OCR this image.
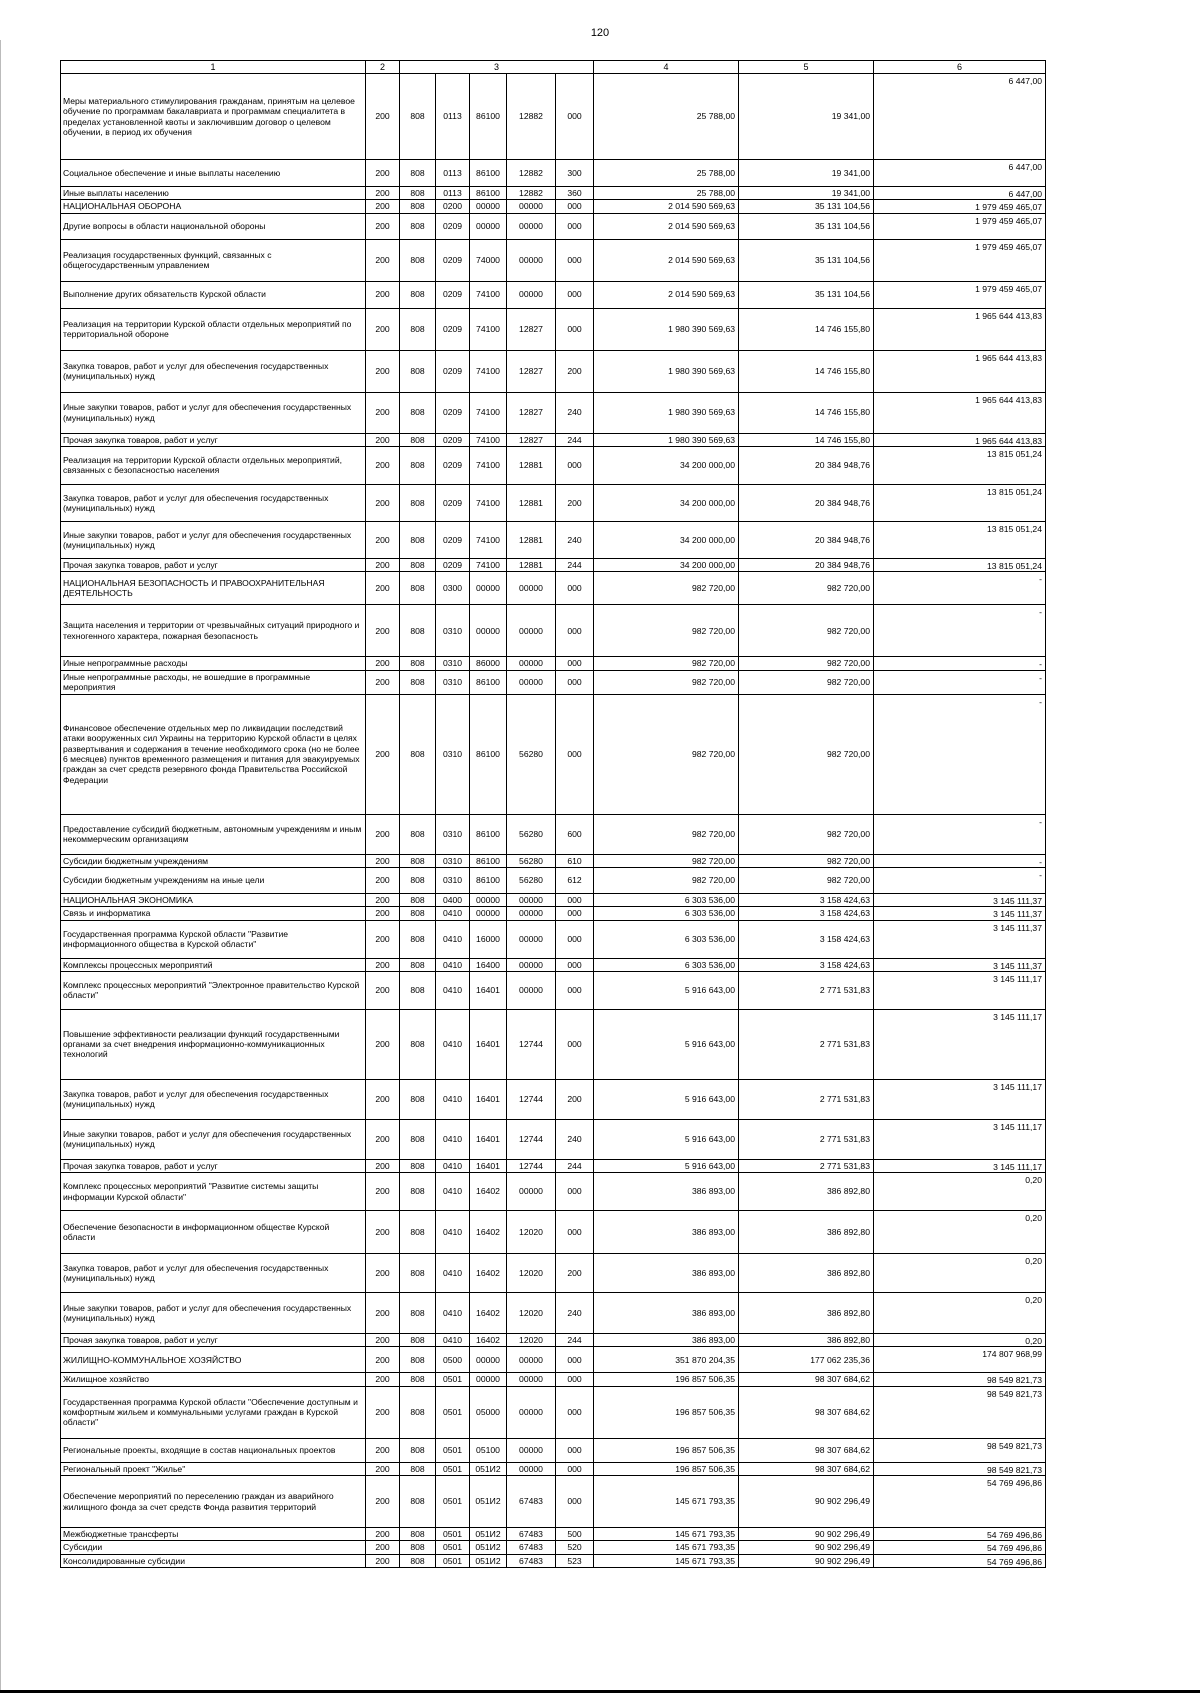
120
1	2	3					4	5	6
Меры материального стимулирования гражданам, принятым на целевое обучение по программам бакалавриата и программам специалитета в пределах установленной квоты и заключившим договор о целевом обучении, в период их обучения	200	808	0113	86100	12882	000	25 788,00	19 341,00	6 447,00
Социальное обеспечение и иные выплаты населению	200	808	0113	86100	12882	300	25 788,00	19 341,00	6 447,00
Иные выплаты населению	200	808	0113	86100	12882	360	25 788,00	19 341,00	6 447,00
НАЦИОНАЛЬНАЯ ОБОРОНА	200	808	0200	00000	00000	000	2 014 590 569,63	35 131 104,56	1 979 459 465,07
Другие вопросы в области национальной обороны	200	808	0209	00000	00000	000	2 014 590 569,63	35 131 104,56	1 979 459 465,07
Реализация государственных функций, связанных с общегосударственным управлением	200	808	0209	74000	00000	000	2 014 590 569,63	35 131 104,56	1 979 459 465,07
Выполнение других обязательств Курской области	200	808	0209	74100	00000	000	2 014 590 569,63	35 131 104,56	1 979 459 465,07
Реализация на территории Курской области отдельных мероприятий по территориальной обороне	200	808	0209	74100	12827	000	1 980 390 569,63	14 746 155,80	1 965 644 413,83
Закупка товаров, работ и услуг для обеспечения государственных (муниципальных) нужд	200	808	0209	74100	12827	200	1 980 390 569,63	14 746 155,80	1 965 644 413,83
Иные закупки товаров, работ и услуг для обеспечения государственных (муниципальных) нужд	200	808	0209	74100	12827	240	1 980 390 569,63	14 746 155,80	1 965 644 413,83
Прочая закупка товаров, работ и услуг	200	808	0209	74100	12827	244	1 980 390 569,63	14 746 155,80	1 965 644 413,83
Реализация на территории Курской области отдельных мероприятий, связанных с безопасностью населения	200	808	0209	74100	12881	000	34 200 000,00	20 384 948,76	13 815 051,24
Закупка товаров, работ и услуг для обеспечения государственных (муниципальных) нужд	200	808	0209	74100	12881	200	34 200 000,00	20 384 948,76	13 815 051,24
Иные закупки товаров, работ и услуг для обеспечения государственных (муниципальных) нужд	200	808	0209	74100	12881	240	34 200 000,00	20 384 948,76	13 815 051,24
Прочая закупка товаров, работ и услуг	200	808	0209	74100	12881	244	34 200 000,00	20 384 948,76	13 815 051,24
НАЦИОНАЛЬНАЯ БЕЗОПАСНОСТЬ И ПРАВООХРАНИТЕЛЬНАЯ ДЕЯТЕЛЬНОСТЬ	200	808	0300	00000	00000	000	982 720,00	982 720,00	-
Защита населения и территории от чрезвычайных ситуаций природного и техногенного характера, пожарная безопасность	200	808	0310	00000	00000	000	982 720,00	982 720,00	-
Иные непрограммные расходы	200	808	0310	86000	00000	000	982 720,00	982 720,00	-
Иные непрограммные расходы, не вошедшие в программные мероприятия	200	808	0310	86100	00000	000	982 720,00	982 720,00	-
Финансовое обеспечение отдельных мер по ликвидации последствий атаки вооруженных сил Украины на территорию Курской области в целях развертывания и содержания в течение необходимого срока (но не более 6 месяцев) пунктов временного размещения и питания для эвакуируемых граждан за счет средств резервного фонда Правительства Российской Федерации	200	808	0310	86100	56280	000	982 720,00	982 720,00	-
Предоставление субсидий бюджетным, автономным учреждениям и иным некоммерческим организациям	200	808	0310	86100	56280	600	982 720,00	982 720,00	-
Субсидии бюджетным учреждениям	200	808	0310	86100	56280	610	982 720,00	982 720,00	-
Субсидии бюджетным учреждениям на иные цели	200	808	0310	86100	56280	612	982 720,00	982 720,00	-
НАЦИОНАЛЬНАЯ ЭКОНОМИКА	200	808	0400	00000	00000	000	6 303 536,00	3 158 424,63	3 145 111,37
Связь и информатика	200	808	0410	00000	00000	000	6 303 536,00	3 158 424,63	3 145 111,37
Государственная программа Курской области "Развитие информационного общества в Курской области"	200	808	0410	16000	00000	000	6 303 536,00	3 158 424,63	3 145 111,37
Комплексы процессных мероприятий	200	808	0410	16400	00000	000	6 303 536,00	3 158 424,63	3 145 111,37
Комплекс процессных мероприятий "Электронное правительство Курской области"	200	808	0410	16401	00000	000	5 916 643,00	2 771 531,83	3 145 111,17
Повышение эффективности реализации функций государственными органами за счет внедрения информационно-коммуникационных технологий	200	808	0410	16401	12744	000	5 916 643,00	2 771 531,83	3 145 111,17
Закупка товаров, работ и услуг для обеспечения государственных (муниципальных) нужд	200	808	0410	16401	12744	200	5 916 643,00	2 771 531,83	3 145 111,17
Иные закупки товаров, работ и услуг для обеспечения государственных (муниципальных) нужд	200	808	0410	16401	12744	240	5 916 643,00	2 771 531,83	3 145 111,17
Прочая закупка товаров, работ и услуг	200	808	0410	16401	12744	244	5 916 643,00	2 771 531,83	3 145 111,17
Комплекс процессных мероприятий "Развитие системы защиты информации Курской области"	200	808	0410	16402	00000	000	386 893,00	386 892,80	0,20
Обеспечение безопасности в информационном обществе Курской области	200	808	0410	16402	12020	000	386 893,00	386 892,80	0,20
Закупка товаров, работ и услуг для обеспечения государственных (муниципальных) нужд	200	808	0410	16402	12020	200	386 893,00	386 892,80	0,20
Иные закупки товаров, работ и услуг для обеспечения государственных (муниципальных) нужд	200	808	0410	16402	12020	240	386 893,00	386 892,80	0,20
Прочая закупка товаров, работ и услуг	200	808	0410	16402	12020	244	386 893,00	386 892,80	0,20
ЖИЛИЩНО-КОММУНАЛЬНОЕ ХОЗЯЙСТВО	200	808	0500	00000	00000	000	351 870 204,35	177 062 235,36	174 807 968,99
Жилищное хозяйство	200	808	0501	00000	00000	000	196 857 506,35	98 307 684,62	98 549 821,73
Государственная программа Курской области "Обеспечение доступным и комфортным жильем и коммунальными услугами граждан в Курской области"	200	808	0501	05000	00000	000	196 857 506,35	98 307 684,62	98 549 821,73
Региональные проекты, входящие в состав национальных проектов	200	808	0501	05100	00000	000	196 857 506,35	98 307 684,62	98 549 821,73
Региональный проект "Жилье"	200	808	0501	051И2	00000	000	196 857 506,35	98 307 684,62	98 549 821,73
Обеспечение мероприятий по переселению граждан из аварийного жилищного фонда за счет средств Фонда развития территорий	200	808	0501	051И2	67483	000	145 671 793,35	90 902 296,49	54 769 496,86
Межбюджетные трансферты	200	808	0501	051И2	67483	500	145 671 793,35	90 902 296,49	54 769 496,86
Субсидии	200	808	0501	051И2	67483	520	145 671 793,35	90 902 296,49	54 769 496,86
Консолидированные субсидии	200	808	0501	051И2	67483	523	145 671 793,35	90 902 296,49	54 769 496,86
